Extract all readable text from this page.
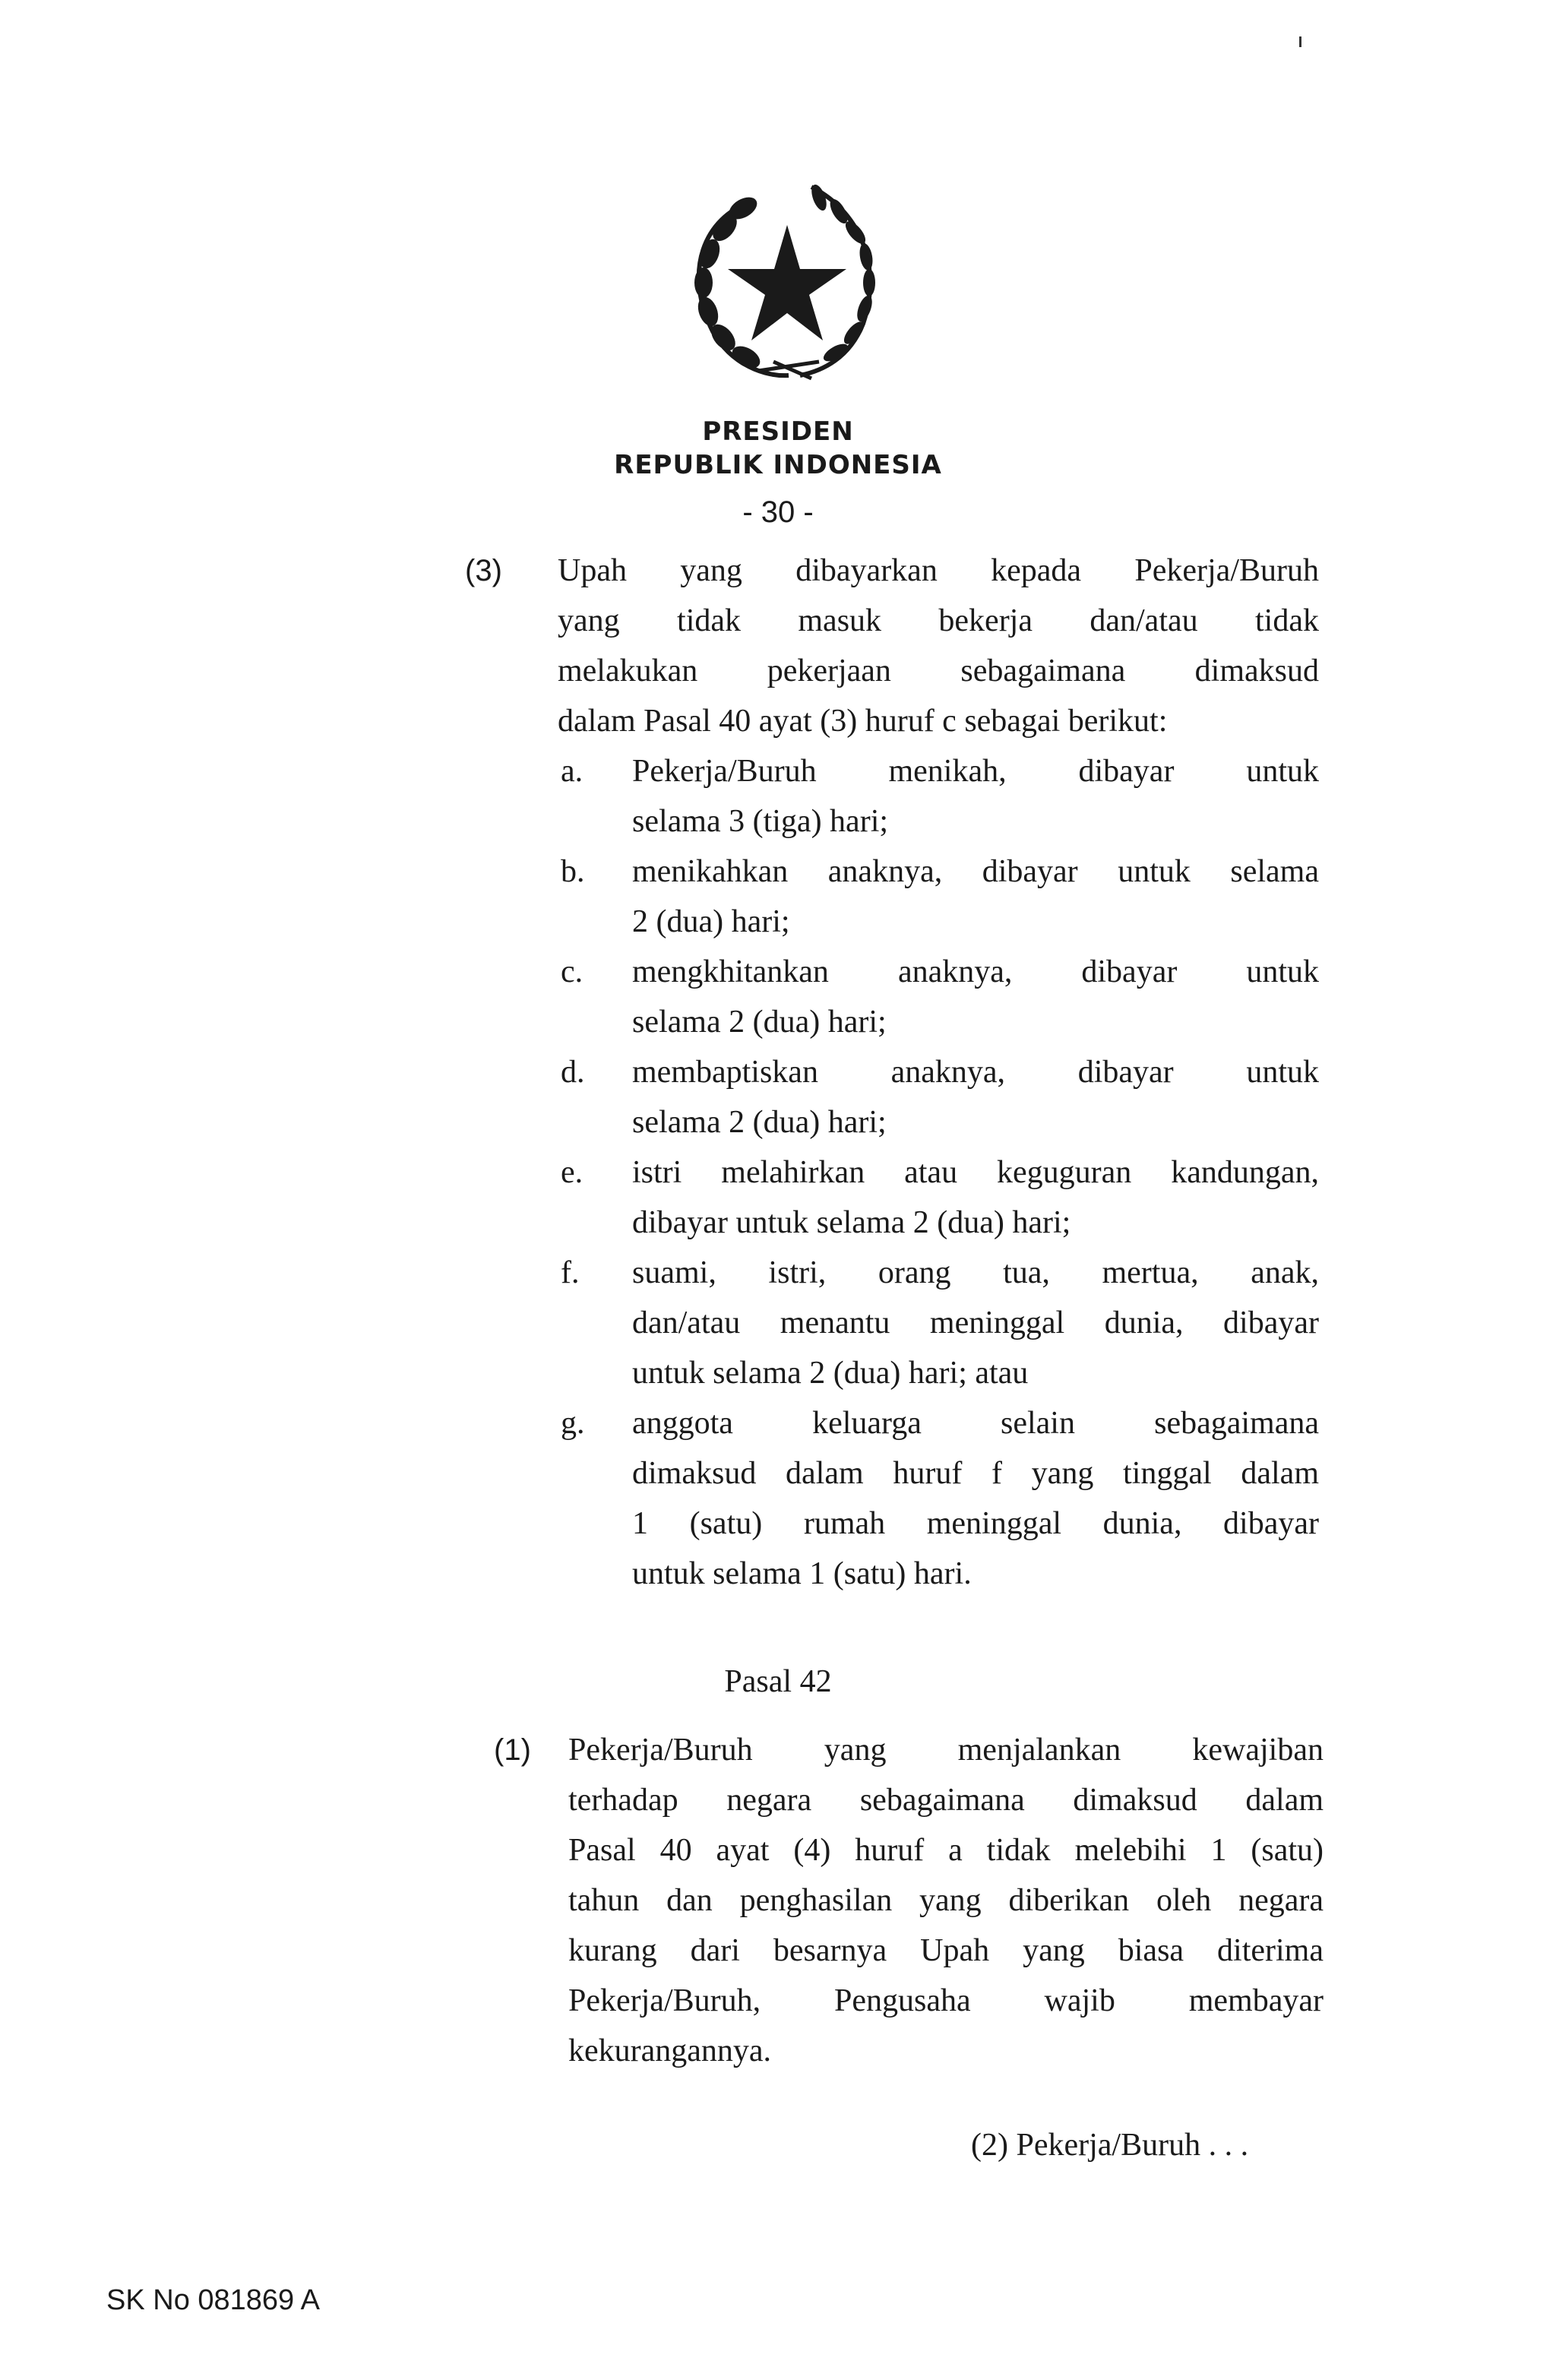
PRESIDEN
REPUBLIK INDONESIA
- 30 -
(3) Upah yang dibayarkan kepada Pekerja/Buruh
yang tidak masuk bekerja dan/atau tidak
melakukan pekerjaan sebagaimana dimaksud
dalam Pasal 40 ayat (3) huruf c sebagai berikut:
a. Pekerja/Buruh menikah, dibayar untuk
selama 3 (tiga) hari;
b. menikahkan anaknya, dibayar untuk selama
2 (dua) hari;
c. mengkhitankan anaknya, dibayar untuk
selama 2 (dua) hari;
d. membaptiskan anaknya, dibayar untuk
selama 2 (dua) hari;
e. istri melahirkan atau keguguran kandungan,
dibayar untuk selama 2 (dua) hari;
f. suami, istri, orang tua, mertua, anak,
dan/atau menantu meninggal dunia, dibayar
untuk selama 2 (dua) hari; atau
g. anggota keluarga selain sebagaimana
dimaksud dalam huruf f yang tinggal dalam
1 (satu) rumah meninggal dunia, dibayar
untuk selama 1 (satu) hari.
Pasal 42
(1) Pekerja/Buruh yang menjalankan kewajiban
terhadap negara sebagaimana dimaksud dalam
Pasal 40 ayat (4) huruf a tidak melebihi 1 (satu)
tahun dan penghasilan yang diberikan oleh negara
kurang dari besarnya Upah yang biasa diterima
Pekerja/Buruh, Pengusaha wajib membayar
kekurangannya.
(2) Pekerja/Buruh . . .
SK No 081869 A
